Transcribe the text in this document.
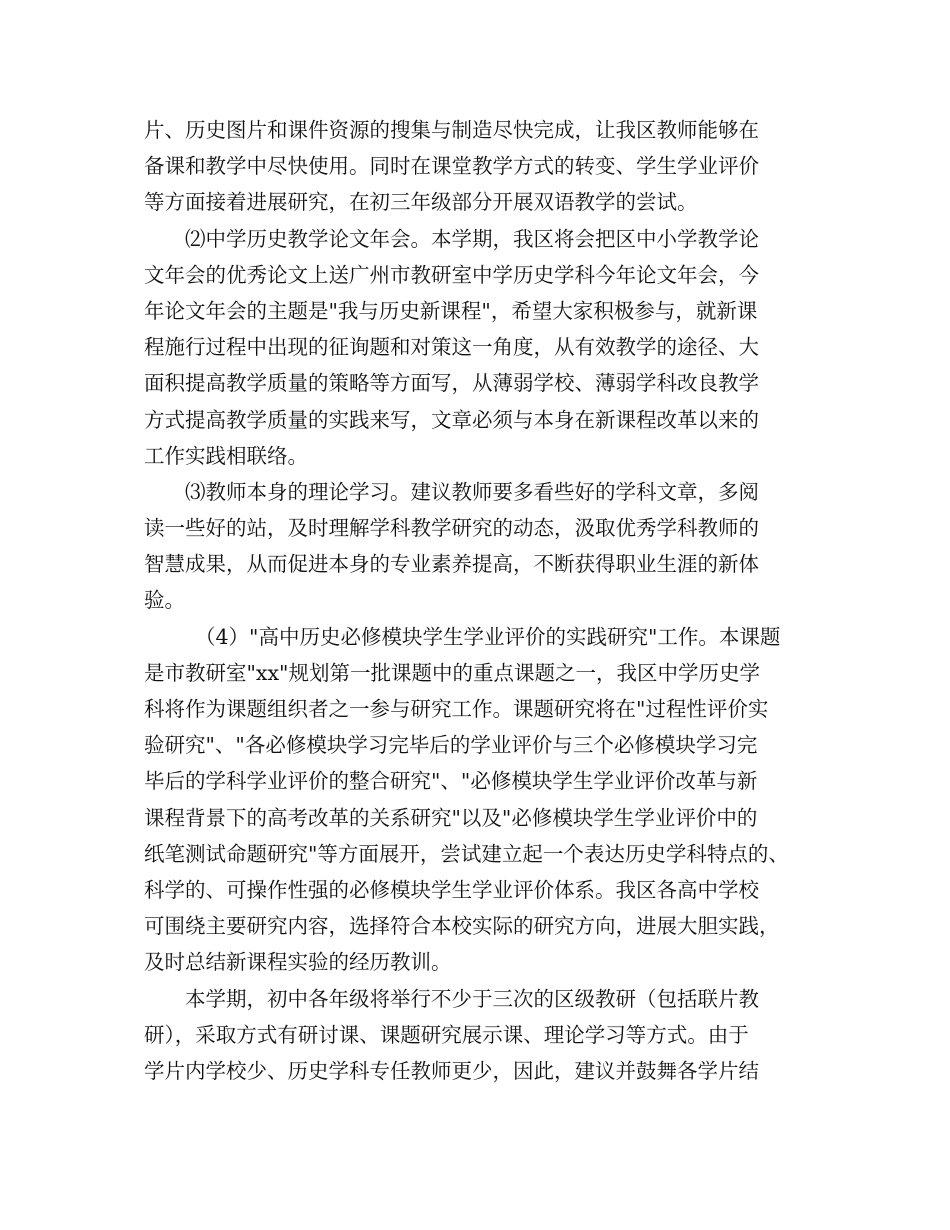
片、历史图片和课件资源的搜集与制造尽快完成，让我区教师能够在
备课和教学中尽快使用。同时在课堂教学方式的转变、学生学业评价
等方面接着进展研究，在初三年级部分开展双语教学的尝试。
⑵中学历史教学论文年会。本学期，我区将会把区中小学教学论
文年会的优秀论文上送广州市教研室中学历史学科今年论文年会，今
年论文年会的主题是"我与历史新课程"，希望大家积极参与，就新课
程施行过程中出现的征询题和对策这一角度，从有效教学的途径、大
面积提高教学质量的策略等方面写，从薄弱学校、薄弱学科改良教学
方式提高教学质量的实践来写，文章必须与本身在新课程改革以来的
工作实践相联络。
⑶教师本身的理论学习。建议教师要多看些好的学科文章，多阅
读一些好的站，及时理解学科教学研究的动态，汲取优秀学科教师的
智慧成果，从而促进本身的专业素养提高，不断获得职业生涯的新体
验。
（4）"高中历史必修模块学生学业评价的实践研究"工作。本课题
是市教研室"xx"规划第一批课题中的重点课题之一，我区中学历史学
科将作为课题组织者之一参与研究工作。课题研究将在"过程性评价实
验研究"、"各必修模块学习完毕后的学业评价与三个必修模块学习完
毕后的学科学业评价的整合研究"、"必修模块学生学业评价改革与新
课程背景下的高考改革的关系研究"以及"必修模块学生学业评价中的
纸笔测试命题研究"等方面展开，尝试建立起一个表达历史学科特点的、
科学的、可操作性强的必修模块学生学业评价体系。我区各高中学校
可围绕主要研究内容，选择符合本校实际的研究方向，进展大胆实践，
及时总结新课程实验的经历教训。
本学期，初中各年级将举行不少于三次的区级教研（包括联片教
研），采取方式有研讨课、课题研究展示课、理论学习等方式。由于
学片内学校少、历史学科专任教师更少，因此，建议并鼓舞各学片结
